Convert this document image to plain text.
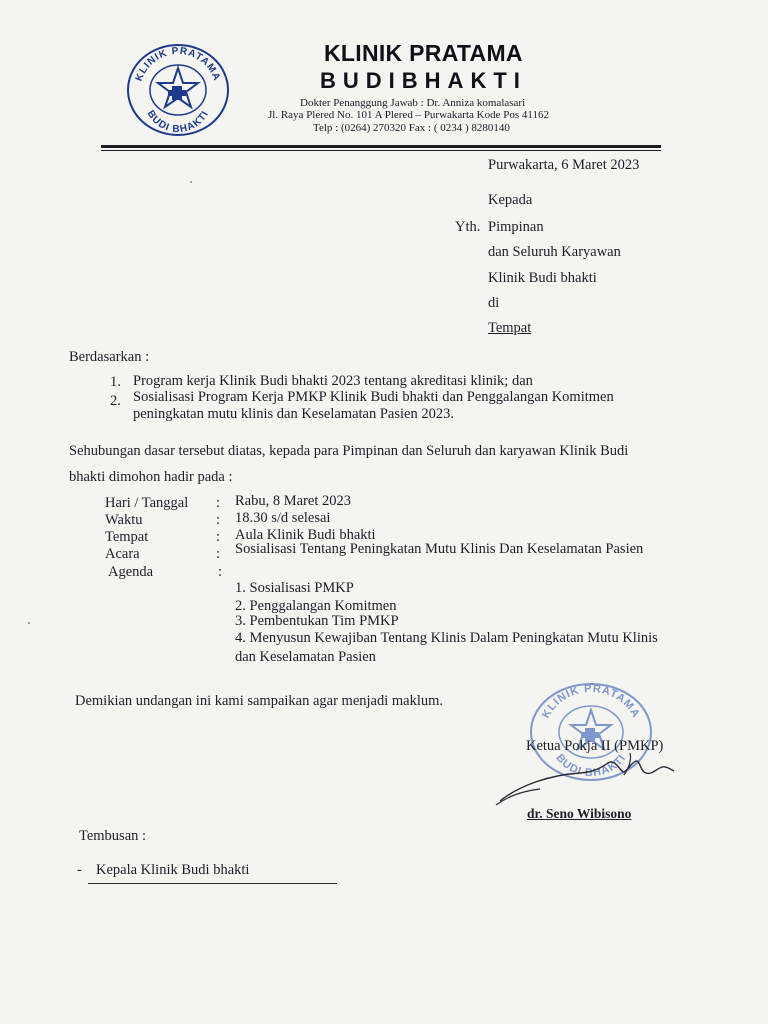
KLINIK PRATAMA
BUDI BHAKTI
KLINIK PRATAMA
BUDIBHAKTI
Dokter Penanggung Jawab : Dr. Anniza komalasari
Jl. Raya Plered No. 101 A Plered – Purwakarta Kode Pos 41162
Telp : (0264) 270320 Fax : ( 0234 ) 8280140
Purwakarta, 6 Maret 2023
Kepada
Yth. Pimpinan
dan Seluruh Karyawan
Klinik Budi bhakti
di
Tempat
Berdasarkan :
1. Program kerja Klinik Budi bhakti 2023 tentang akreditasi klinik; dan
2. Sosialisasi Program Kerja PMKP Klinik Budi bhakti dan Penggalangan Komitmen
peningkatan mutu klinis dan Keselamatan Pasien 2023.
Sehubungan dasar tersebut diatas, kepada para Pimpinan dan Seluruh dan karyawan Klinik Budi
bhakti dimohon hadir pada :
Hari / Tanggal : Rabu, 8 Maret 2023
Waktu	: 18.30 s/d selesai
Tempat	: Aula Klinik Budi bhakti
Acara	: Sosialisasi Tentang Peningkatan Mutu Klinis Dan Keselamatan Pasien
Agenda	:
1. Sosialisasi PMKP
2. Penggalangan Komitmen
3. Pembentukan Tim PMKP
4. Menyusun Kewajiban Tentang Klinis Dalam Peningkatan Mutu Klinis
dan Keselamatan Pasien
Demikian undangan ini kami sampaikan agar menjadi maklum.
KLINIK PRATAMA
BUDI BHAKTI
Ketua Pokja II (PMKP)
dr. Seno Wibisono
Tembusan :
- Kepala Klinik Budi bhakti
